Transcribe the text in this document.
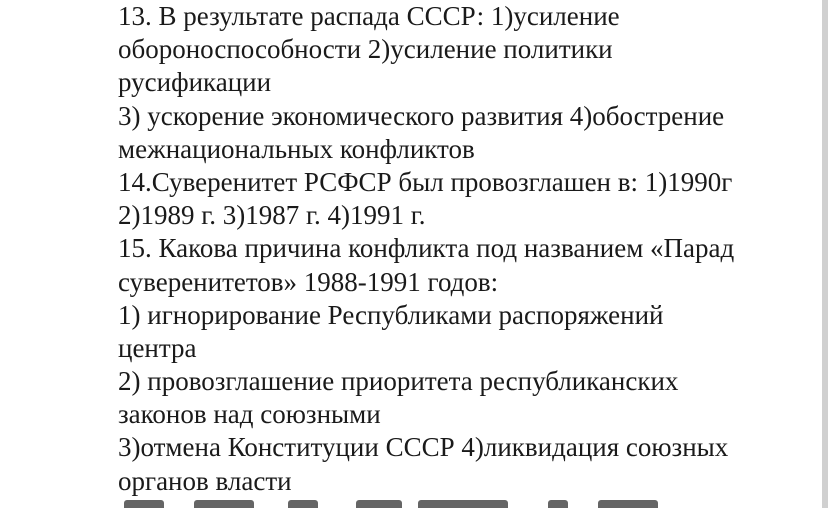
13. В результате распада СССР: 1)усиление
обороноспособности 2)усиление политики
русификации
3) ускорение экономического развития 4)обострение
межнациональных конфликтов
14.Суверенитет РСФСР был провозглашен в: 1)1990г
2)1989 г. 3)1987 г. 4)1991 г.
15. Какова причина конфликта под названием «Парад
суверенитетов» 1988-1991 годов:
1) игнорирование Республиками распоряжений
центра
2) провозглашение приоритета республиканских
законов над союзными
3)отмена Конституции СССР 4)ликвидация союзных
органов власти
